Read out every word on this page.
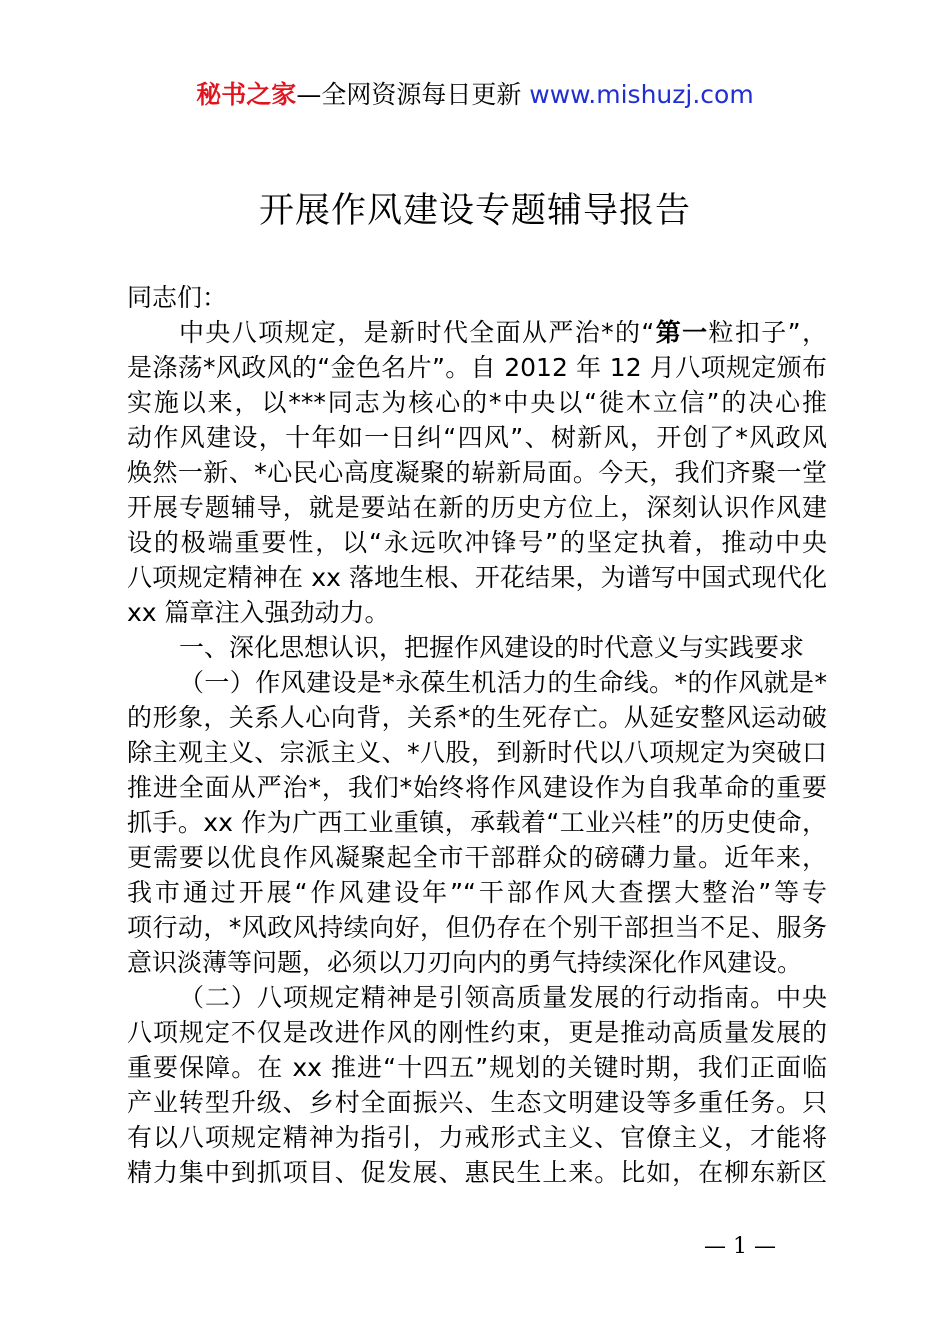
秘书之家—全网资源每日更新 www.mishuzj.com
开展作风建设专题辅导报告
同志们：
中央八项规定，是新时代全面从严治*的“第一粒扣子”，
是涤荡*风政风的“金色名片”。自 2012 年 12 月八项规定颁布
实施以来，以***同志为核心的*中央以“徙木立信”的决心推
动作风建设，十年如一日纠“四风”、树新风，开创了*风政风
焕然一新、*心民心高度凝聚的崭新局面。今天，我们齐聚一堂
开展专题辅导，就是要站在新的历史方位上，深刻认识作风建
设的极端重要性，以“永远吹冲锋号”的坚定执着，推动中央
八项规定精神在 xx 落地生根、开花结果，为谱写中国式现代化
xx 篇章注入强劲动力。
一、深化思想认识，把握作风建设的时代意义与实践要求
（一）作风建设是*永葆生机活力的生命线。*的作风就是*
的形象，关系人心向背，关系*的生死存亡。从延安整风运动破
除主观主义、宗派主义、*八股，到新时代以八项规定为突破口
推进全面从严治*，我们*始终将作风建设作为自我革命的重要
抓手。xx 作为广西工业重镇，承载着“工业兴桂”的历史使命，
更需要以优良作风凝聚起全市干部群众的磅礴力量。近年来，
我市通过开展“作风建设年”“干部作风大查摆大整治”等专
项行动，*风政风持续向好，但仍存在个别干部担当不足、服务
意识淡薄等问题，必须以刀刃向内的勇气持续深化作风建设。
（二）八项规定精神是引领高质量发展的行动指南。中央
八项规定不仅是改进作风的刚性约束，更是推动高质量发展的
重要保障。在 xx 推进“十四五”规划的关键时期，我们正面临
产业转型升级、乡村全面振兴、生态文明建设等多重任务。只
有以八项规定精神为指引，力戒形式主义、官僚主义，才能将
精力集中到抓项目、促发展、惠民生上来。比如，在柳东新区
— 1 —
